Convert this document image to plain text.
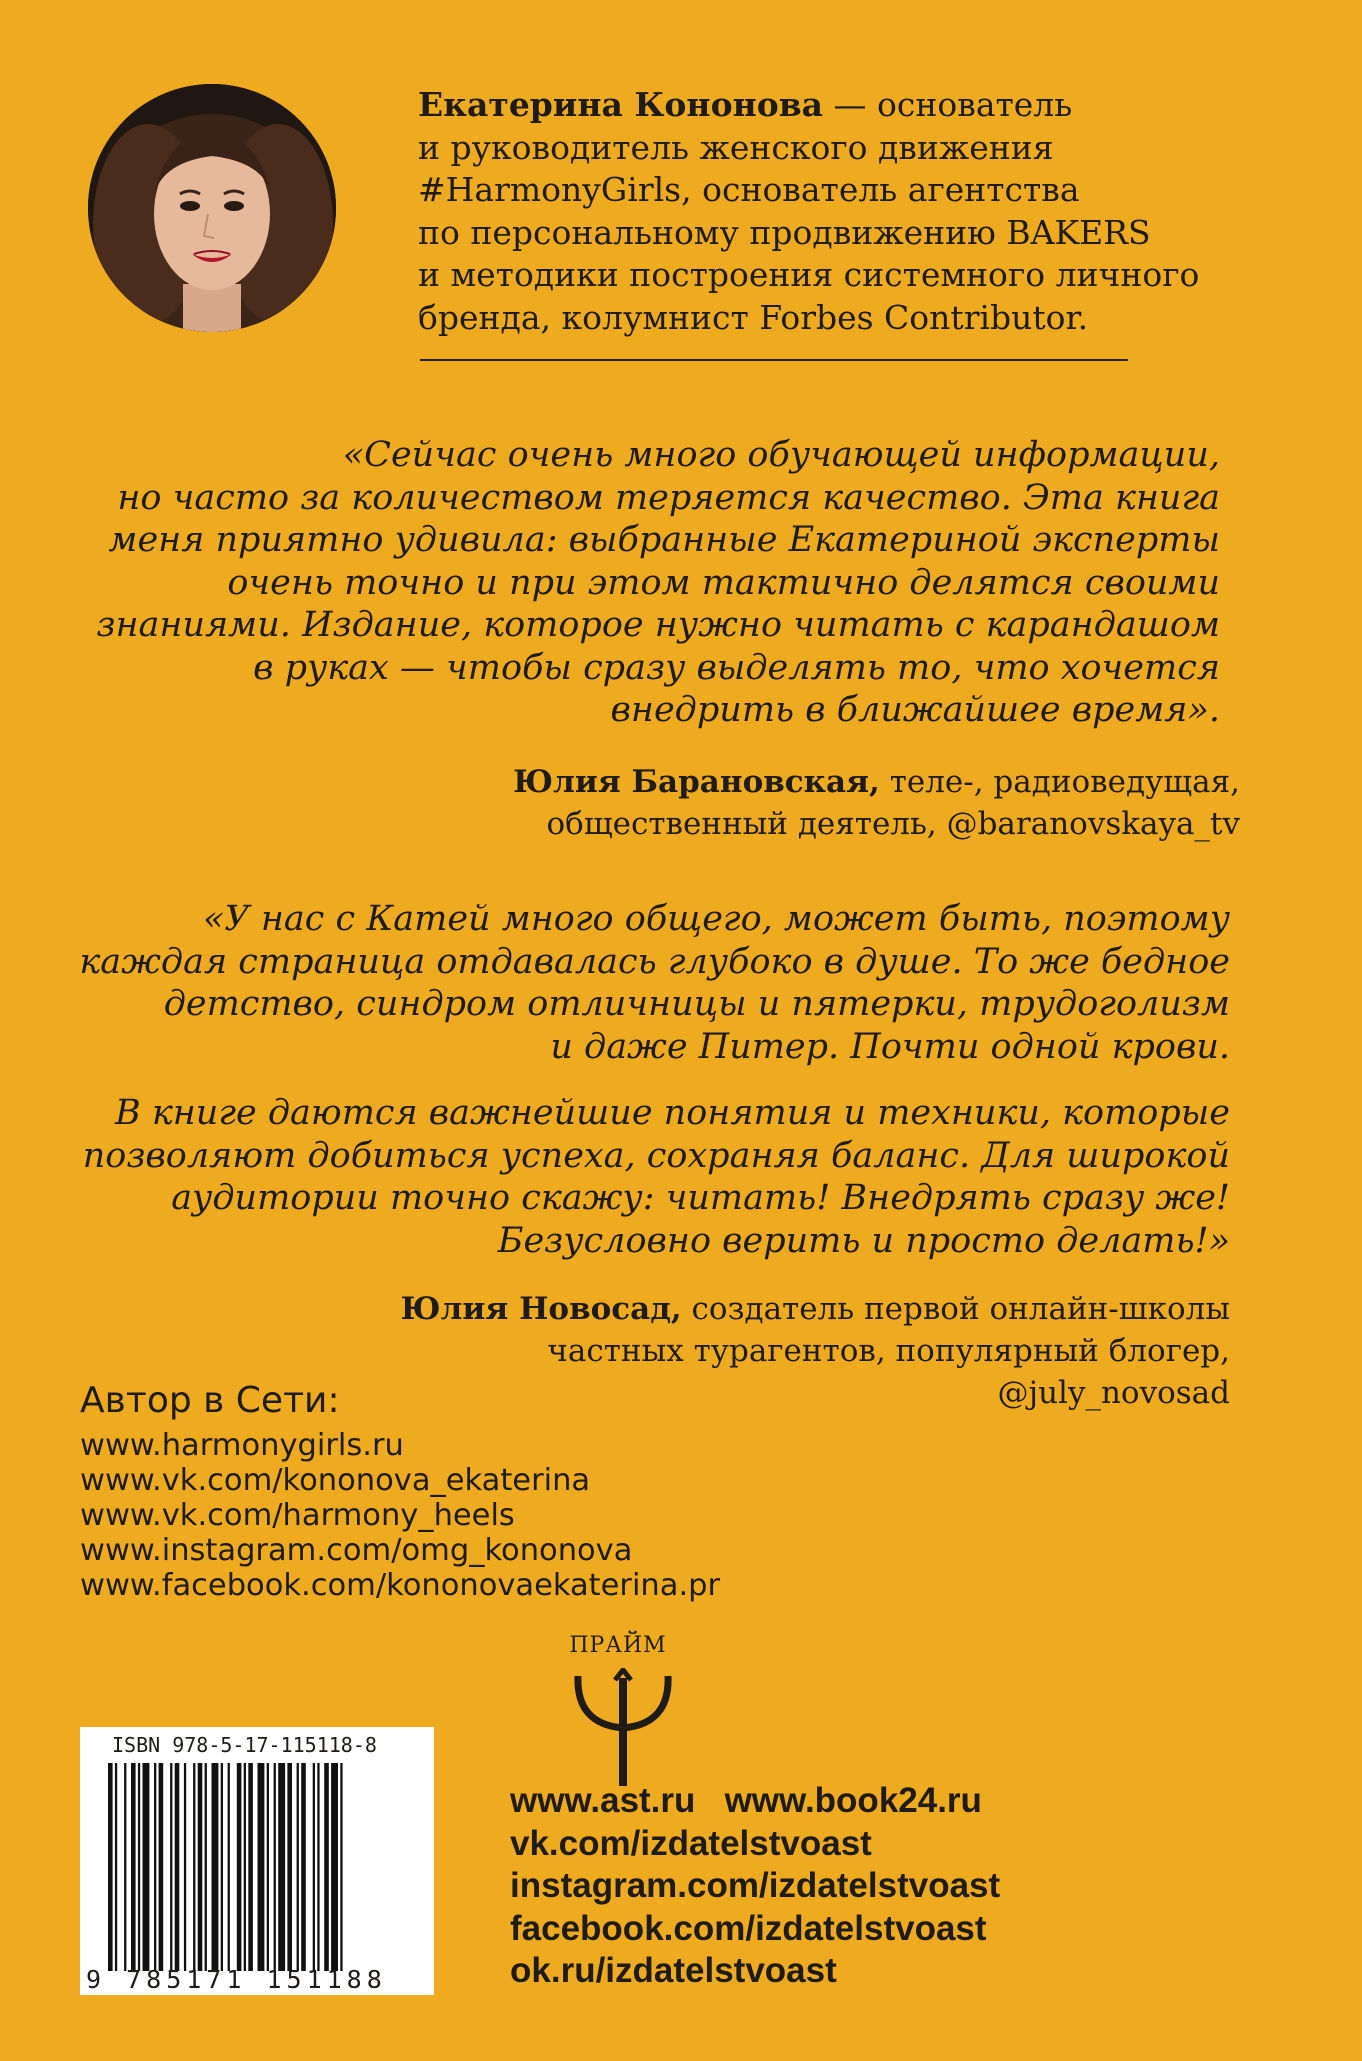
Екатерина Кононова — основатель
и руководитель женского движения
#HarmonyGirls, основатель агентства
по персональному продвижению BAKERS
и методики построения системного личного
бренда, колумнист Forbes Contributor.
«Сейчас очень много обучающей информации,
но часто за количеством теряется качество. Эта книга
меня приятно удивила: выбранные Екатериной эксперты
очень точно и при этом тактично делятся своими
знаниями. Издание, которое нужно читать с карандашом
в руках — чтобы сразу выделять то, что хочется
внедрить в ближайшее время».
Юлия Барановская, теле-, радиоведущая,
общественный деятель, @baranovskaya_tv
«У нас с Катей много общего, может быть, поэтому
каждая страница отдавалась глубоко в душе. То же бедное
детство, синдром отличницы и пятерки, трудоголизм
и даже Питер. Почти одной крови.
В книге даются важнейшие понятия и техники, которые
позволяют добиться успеха, сохраняя баланс. Для широкой
аудитории точно скажу: читать! Внедрять сразу же!
Безусловно верить и просто делать!»
Юлия Новосад, создатель первой онлайн-школы
частных турагентов, популярный блогер,
@july_novosad
Автор в Сети:
www.harmonygirls.ru
www.vk.com/kononova_ekaterina
www.vk.com/harmony_heels
www.instagram.com/omg_kononova
www.facebook.com/kononovaekaterina.pr
ПРАЙМ
ISBN 978-5-17-115118-8
9 785171 151188
www.ast.ru   www.book24.ru
vk.com/izdatelstvoast
instagram.com/izdatelstvoast
facebook.com/izdatelstvoast
ok.ru/izdatelstvoast
